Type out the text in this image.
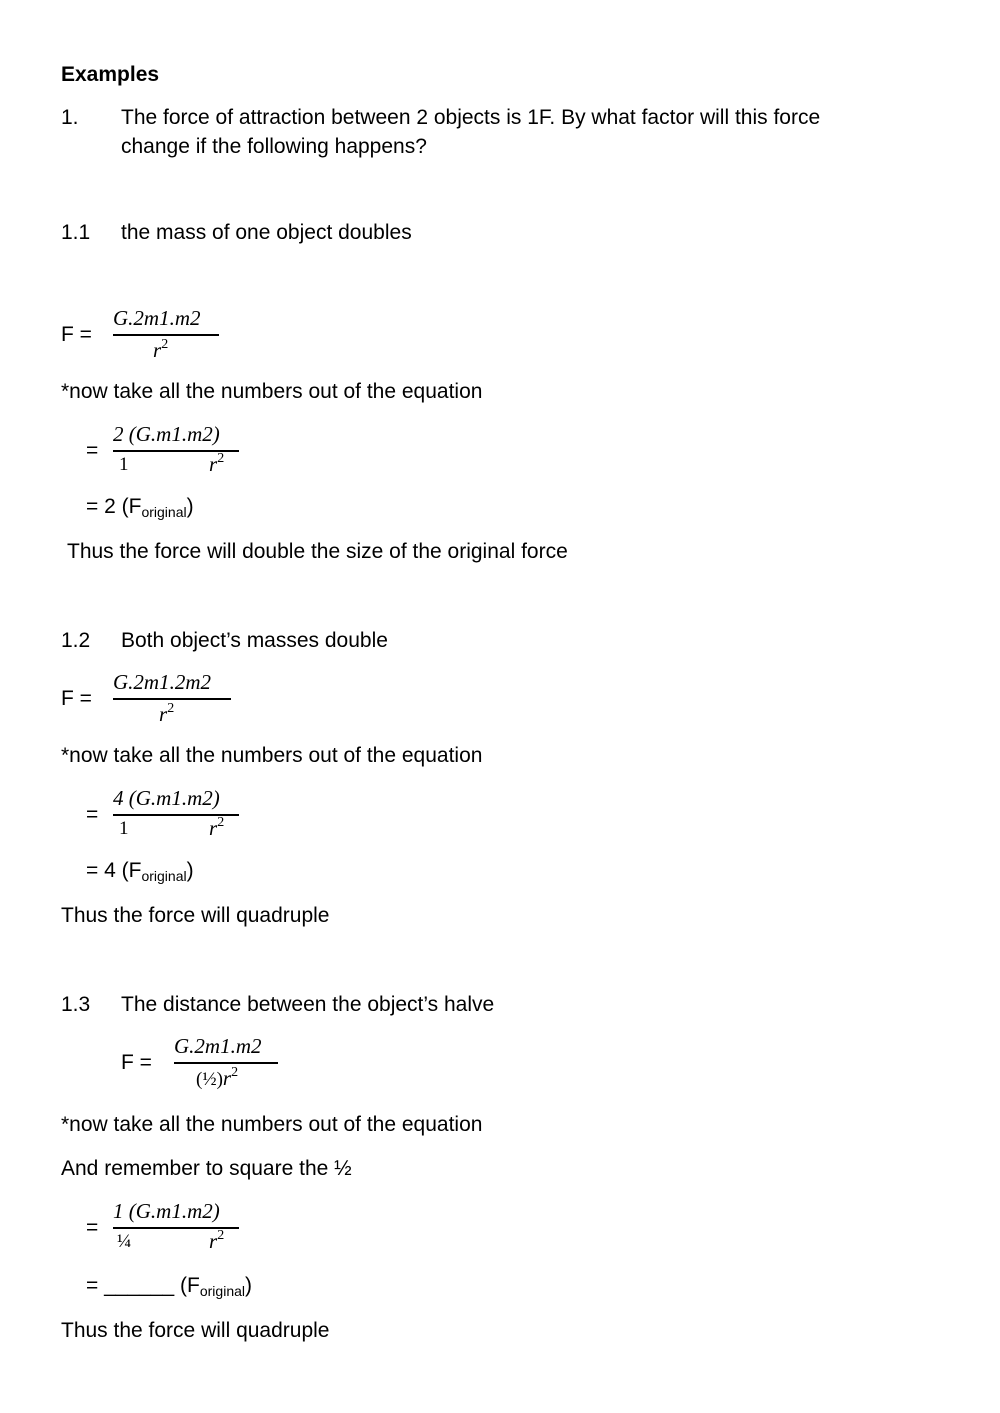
Examples
1. The force of attraction between 2 objects is 1F. By what factor will this force
change if the following happens?
1.1 the mass of one object doubles
F =
G.2m1.m2
$r^2$
*now take all the numbers out of the equation
=
2 (G.m1.m2)
1	$r^2$
= 2 $(F_{original})$
Thus the force will double the size of the original force
1.2 Both object’s masses double
F =
G.2m1.2m2
$r^2$
*now take all the numbers out of the equation
=
4 (G.m1.m2)
1	$r^2$
= 4 $(F_{original})$
Thus the force will quadruple
1.3 The distance between the object’s halve
F =
G.2m1.m2
$(\frac{1}{2})r^2$
*now take all the numbers out of the equation
And remember to square the ½
=
1 (G.m1.m2)
¼	$r^2$
= ______ $(F_{original})$
Thus the force will quadruple
